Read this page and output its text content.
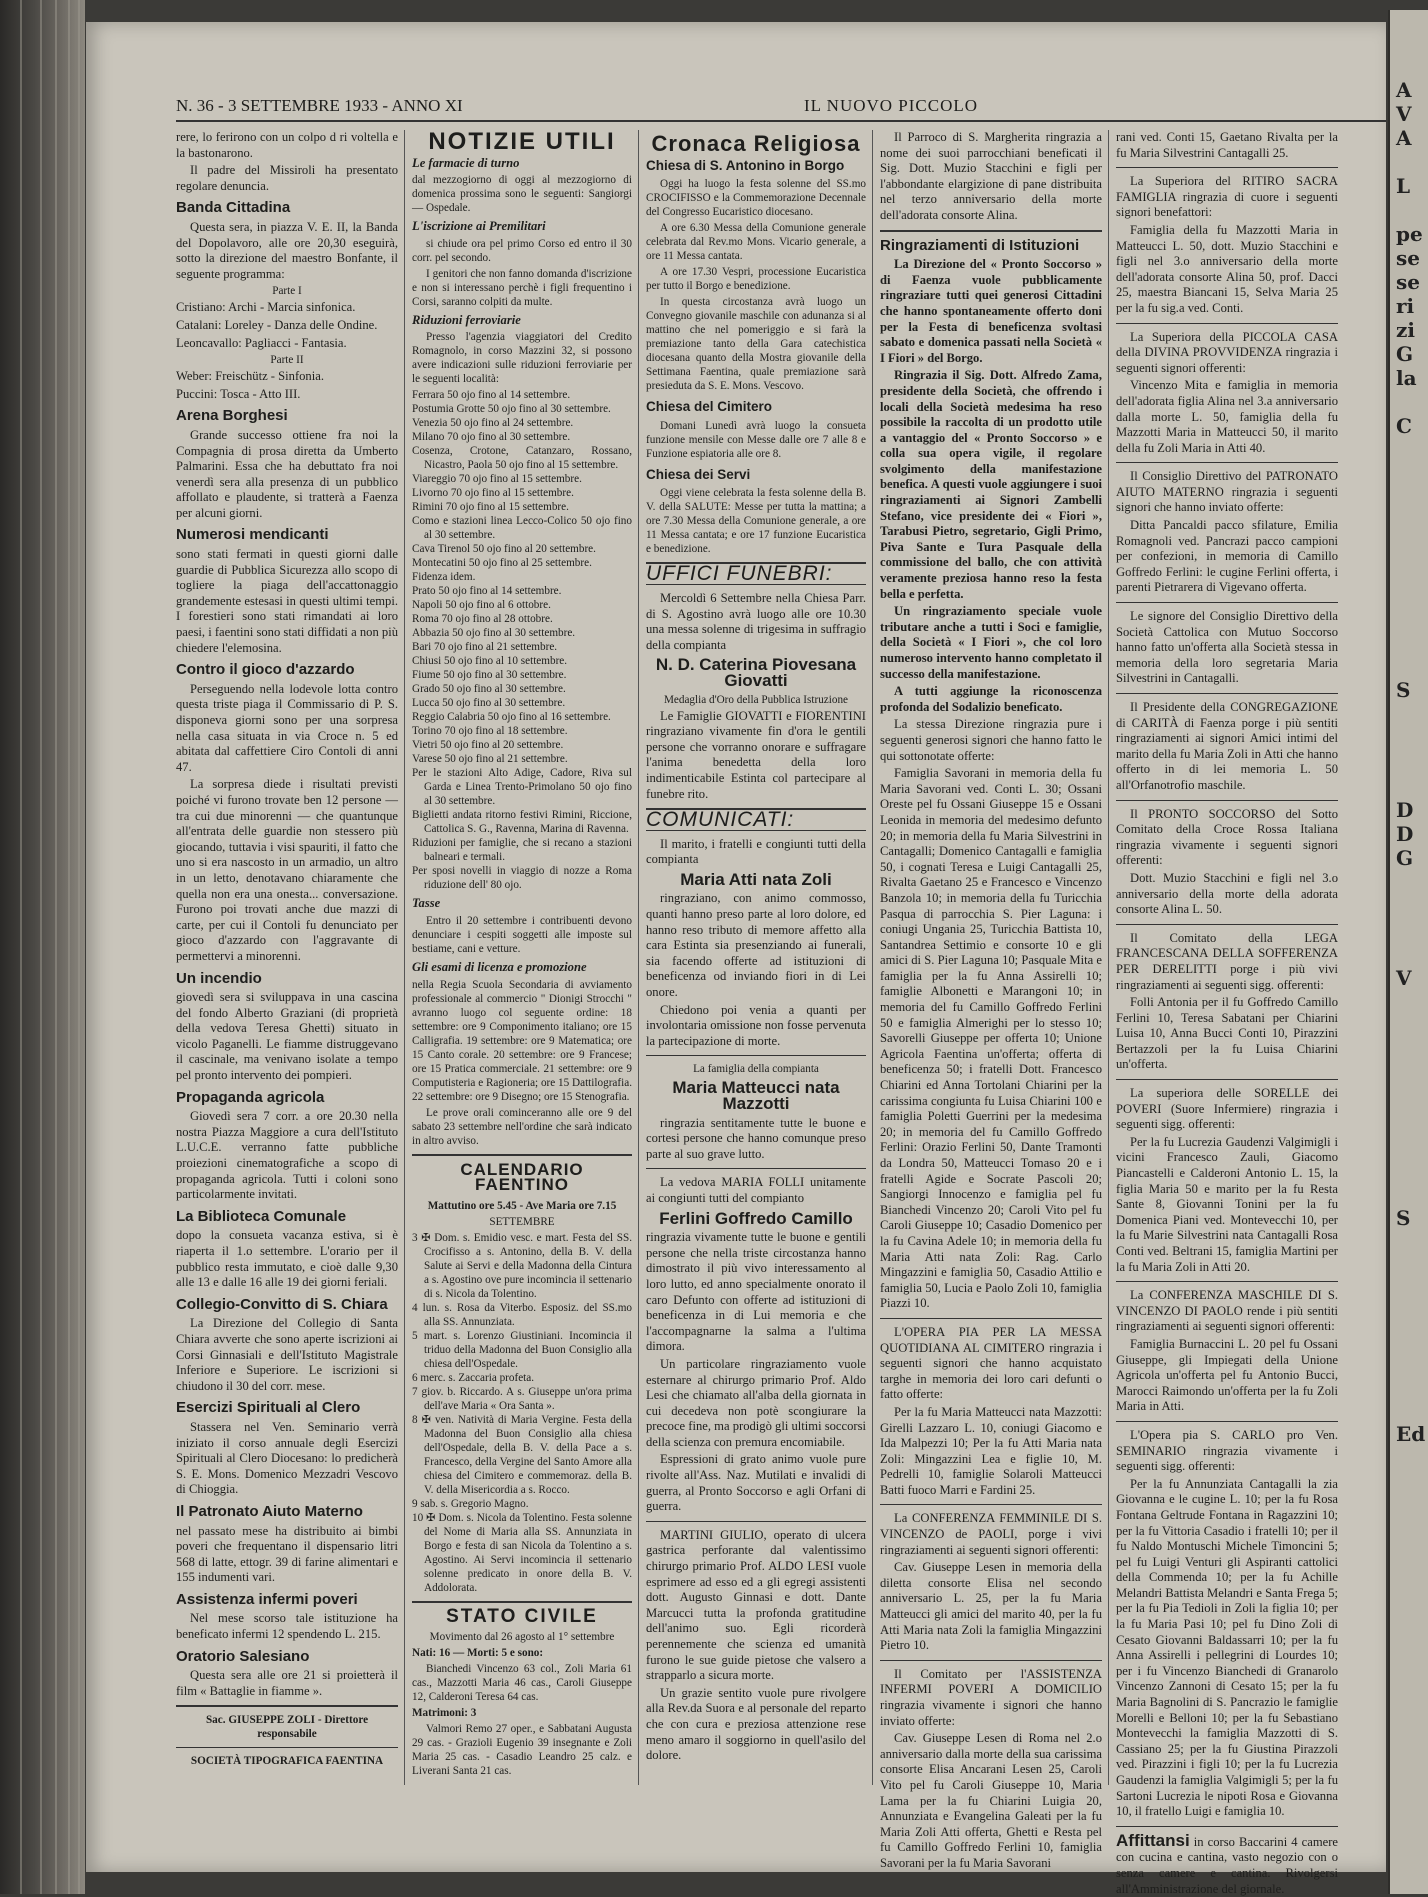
N. 36 - 3 SETTEMBRE 1933 - ANNO XI	IL NUOVO PICCOLO

rere, lo ferirono con un colpo d ri voltella e la bastonarono.

Il padre del Missiroli ha presentato regolare denuncia.

Banda Cittadina

Questa sera, in piazza V. E. II, la Banda del Dopolavoro, alle ore 20,30 eseguirà, sotto la direzione del maestro Bonfante, il seguente programma:

Parte I

Cristiano: Archi - Marcia sinfonica.

Catalani: Loreley - Danza delle Ondine.

Leoncavallo: Pagliacci - Fantasia.

Parte II

Weber: Freischütz - Sinfonia.

Puccini: Tosca - Atto III.

Arena Borghesi

Grande successo ottiene fra noi la Compagnia di prosa diretta da Umberto Palmarini. Essa che ha debuttato fra noi venerdì sera alla presenza di un pubblico affollato e plaudente, si tratterà a Faenza per alcuni giorni.

Numerosi mendicanti

sono stati fermati in questi giorni dalle guardie di Pubblica Sicurezza allo scopo di togliere la piaga dell'accattonaggio grandemente estesasi in questi ultimi tempi. I forestieri sono stati rimandati ai loro paesi, i faentini sono stati diffidati a non più chiedere l'elemosina.

Contro il gioco d'azzardo

Perseguendo nella lodevole lotta contro questa triste piaga il Commissario di P. S. disponeva giorni sono per una sorpresa nella casa situata in via Croce n. 5 ed abitata dal caffettiere Ciro Contoli di anni 47.

La sorpresa diede i risultati previsti poiché vi furono trovate ben 12 persone — tra cui due minorenni — che quantunque all'entrata delle guardie non stessero più giocando, tuttavia i visi spauriti, il fatto che uno si era nascosto in un armadio, un altro in un letto, denotavano chiaramente che quella non era una onesta... conversazione. Furono poi trovati anche due mazzi di carte, per cui il Contoli fu denunciato per gioco d'azzardo con l'aggravante di permettervi a minorenni.

Un incendio

giovedì sera si sviluppava in una cascina del fondo Alberto Graziani (di proprietà della vedova Teresa Ghetti) situato in vicolo Paganelli. Le fiamme distruggevano il cascinale, ma venivano isolate a tempo pel pronto intervento dei pompieri.

Propaganda agricola

Giovedì sera 7 corr. a ore 20.30 nella nostra Piazza Maggiore a cura dell'Istituto L.U.C.E. verranno fatte pubbliche proiezioni cinematografiche a scopo di propaganda agricola. Tutti i coloni sono particolarmente invitati.

La Biblioteca Comunale

dopo la consueta vacanza estiva, si è riaperta il 1.o settembre. L'orario per il pubblico resta immutato, e cioè dalle 9,30 alle 13 e dalle 16 alle 19 dei giorni feriali.

Collegio-Convitto di S. Chiara

La Direzione del Collegio di Santa Chiara avverte che sono aperte iscrizioni ai Corsi Ginnasiali e dell'Istituto Magistrale Inferiore e Superiore. Le iscrizioni si chiudono il 30 del corr. mese.

Esercizi Spirituali al Clero

Stassera nel Ven. Seminario verrà iniziato il corso annuale degli Esercizi Spirituali al Clero Diocesano: lo predicherà S. E. Mons. Domenico Mezzadri Vescovo di Chioggia.

Il Patronato Aiuto Materno

nel passato mese ha distribuito ai bimbi poveri che frequentano il dispensario litri 568 di latte, ettogr. 39 di farine alimentari e 155 indumenti vari.

Assistenza infermi poveri

Nel mese scorso tale istituzione ha beneficato infermi 12 spendendo L. 215.

Oratorio Salesiano

Questa sera alle ore 21 si proietterà il film « Battaglie in fiamme ».

Sac. GIUSEPPE ZOLI - Direttore responsabile

SOCIETÀ TIPOGRAFICA FAENTINA

NOTIZIE UTILI
Le farmacie di turno

dal mezzogiorno di oggi al mezzogiorno di domenica prossima sono le seguenti: Sangiorgi — Ospedale.

L'iscrizione ai Premilitari

si chiude ora pel primo Corso ed entro il 30 corr. pel secondo.

I genitori che non fanno domanda d'iscrizione e non si interessano perchè i figli frequentino i Corsi, saranno colpiti da multe.

Riduzioni ferroviarie

Presso l'agenzia viaggiatori del Credito Romagnolo, in corso Mazzini 32, si possono avere indicazioni sulle riduzioni ferroviarie per le seguenti località:

Ferrara 50 ojo fino al 14 settembre.

Postumia Grotte 50 ojo fino al 30 settembre.

Venezia 50 ojo fino al 24 settembre.

Milano 70 ojo fino al 30 settembre.

Cosenza, Crotone, Catanzaro, Rossano, Nicastro, Paola 50 ojo fino al 15 settembre.

Viareggio 70 ojo fino al 15 settembre.

Livorno 70 ojo fino al 15 settembre.

Rimini 70 ojo fino al 15 settembre.

Como e stazioni linea Lecco-Colico 50 ojo fino al 30 settembre.

Cava Tirenol 50 ojo fino al 20 settembre.

Montecatini 50 ojo fino al 25 settembre.

Fidenza idem.

Prato 50 ojo fino al 14 settembre.

Napoli 50 ojo fino al 6 ottobre.

Roma 70 ojo fino al 28 ottobre.

Abbazia 50 ojo fino al 30 settembre.

Bari 70 ojo fino al 21 settembre.

Chiusi 50 ojo fino al 10 settembre.

Fiume 50 ojo fino al 30 settembre.

Grado 50 ojo fino al 30 settembre.

Lucca 50 ojo fino al 30 settembre.

Reggio Calabria 50 ojo fino al 16 settembre.

Torino 70 ojo fino al 18 settembre.

Vietri 50 ojo fino al 20 settembre.

Varese 50 ojo fino al 21 settembre.

Per le stazioni Alto Adige, Cadore, Riva sul Garda e Linea Trento-Primolano 50 ojo fino al 30 settembre.

Biglietti andata ritorno festivi Rimini, Riccione, Cattolica S. G., Ravenna, Marina di Ravenna.

Riduzioni per famiglie, che si recano a stazioni balneari e termali.

Per sposi novelli in viaggio di nozze a Roma riduzione dell' 80 ojo.

Tasse

Entro il 20 settembre i contribuenti devono denunciare i cespiti soggetti alle imposte sul bestiame, cani e vetture.

Gli esami di licenza e promozione

nella Regia Scuola Secondaria di avviamento professionale al commercio " Dionigi Strocchi " avranno luogo col seguente ordine: 18 settembre: ore 9 Componimento italiano; ore 15 Calligrafia. 19 settembre: ore 9 Matematica; ore 15 Canto corale. 20 settembre: ore 9 Francese; ore 15 Pratica commerciale. 21 settembre: ore 9 Computisteria e Ragioneria; ore 15 Dattilografia. 22 settembre: ore 9 Disegno; ore 15 Stenografia.

Le prove orali cominceranno alle ore 9 del sabato 23 settembre nell'ordine che sarà indicato in altro avviso.

CALENDARIO FAENTINO

Mattutino ore 5.45 - Ave Maria ore 7.15

SETTEMBRE

3 ✠ Dom. s. Emidio vesc. e mart. Festa del SS. Crocifisso a s. Antonino, della B. V. della Salute ai Servi e della Madonna della Cintura a s. Agostino ove pure incomincia il settenario di s. Nicola da Tolentino.

4 lun. s. Rosa da Viterbo. Esposiz. del SS.mo alla SS. Annunziata.

5 mart. s. Lorenzo Giustiniani. Incomincia il triduo della Madonna del Buon Consiglio alla chiesa dell'Ospedale.

6 merc. s. Zaccaria profeta.

7 giov. b. Riccardo. A s. Giuseppe un'ora prima dell'ave Maria « Ora Santa ».

8 ✠ ven. Natività di Maria Vergine. Festa della Madonna del Buon Consiglio alla chiesa dell'Ospedale, della B. V. della Pace a s. Francesco, della Vergine del Santo Amore alla chiesa del Cimitero e commemoraz. della B. V. della Misericordia a s. Rocco.

9 sab. s. Gregorio Magno.

10 ✠ Dom. s. Nicola da Tolentino. Festa solenne del Nome di Maria alla SS. Annunziata in Borgo e festa di san Nicola da Tolentino a s. Agostino. Ai Servi incomincia il settenario solenne predicato in onore della B. V. Addolorata.

STATO CIVILE

Movimento dal 26 agosto al 1° settembre

Nati: 16 — Morti: 5 e sono:

Bianchedi Vincenzo 63 col., Zoli Maria 61 cas., Mazzotti Maria 46 cas., Caroli Giuseppe 12, Calderoni Teresa 64 cas.

Matrimoni: 3

Valmori Remo 27 oper., e Sabbatani Augusta 29 cas. - Grazioli Eugenio 39 insegnante e Zoli Maria 25 cas. - Casadio Leandro 25 calz. e Liverani Santa 21 cas.

Cronaca Religiosa
Chiesa di S. Antonino in Borgo

Oggi ha luogo la festa solenne del SS.mo CROCIFISSO e la Commemorazione Decennale del Congresso Eucaristico diocesano.

A ore 6.30 Messa della Comunione generale celebrata dal Rev.mo Mons. Vicario generale, a ore 11 Messa cantata.

A ore 17.30 Vespri, processione Eucaristica per tutto il Borgo e benedizione.

In questa circostanza avrà luogo un Convegno giovanile maschile con adunanza si al mattino che nel pomeriggio e si farà la premiazione tanto della Gara catechistica diocesana quanto della Mostra giovanile della Settimana Faentina, quale premiazione sarà presieduta da S. E. Mons. Vescovo.

Chiesa del Cimitero

Domani Lunedì avrà luogo la consueta funzione mensile con Messe dalle ore 7 alle 8 e Funzione espiatoria alle ore 8.

Chiesa dei Servi

Oggi viene celebrata la festa solenne della B. V. della SALUTE: Messe per tutta la mattina; a ore 7.30 Messa della Comunione generale, a ore 11 Messa cantata; e ore 17 funzione Eucaristica e benedizione.

UFFICI FUNEBRI:

Mercoldì 6 Settembre nella Chiesa Parr. di S. Agostino avrà luogo alle ore 10.30 una messa solenne di trigesima in suffragio della compianta

N. D. Caterina Piovesana Giovatti

Medaglia d'Oro della Pubblica Istruzione

Le Famiglie GIOVATTI e FIORENTINI ringraziano vivamente fin d'ora le gentili persone che vorranno onorare e suffragare l'anima benedetta della loro indimenticabile Estinta col partecipare al funebre rito.

COMUNICATI:

Il marito, i fratelli e congiunti tutti della compianta

Maria Atti nata Zoli

ringraziano, con animo commosso, quanti hanno preso parte al loro dolore, ed hanno reso tributo di memore affetto alla cara Estinta sia presenziando ai funerali, sia facendo offerte ad istituzioni di beneficenza od inviando fiori in di Lei onore.

Chiedono poi venia a quanti per involontaria omissione non fosse pervenuta la partecipazione di morte.

La famiglia della compianta

Maria Matteucci nata Mazzotti

ringrazia sentitamente tutte le buone e cortesi persone che hanno comunque preso parte al suo grave lutto.

La vedova MARIA FOLLI unitamente ai congiunti tutti del compianto

Ferlini Goffredo Camillo

ringrazia vivamente tutte le buone e gentili persone che nella triste circostanza hanno dimostrato il più vivo interessamento al loro lutto, ed anno specialmente onorato il caro Defunto con offerte ad istituzioni di beneficenza in di Lui memoria e che l'accompagnarne la salma a l'ultima dimora.

Un particolare ringraziamento vuole esternare al chirurgo primario Prof. Aldo Lesi che chiamato all'alba della giornata in cui decedeva non potè scongiurare la precoce fine, ma prodigò gli ultimi soccorsi della scienza con premura encomiabile.

Espressioni di grato animo vuole pure rivolte all'Ass. Naz. Mutilati e invalidi di guerra, al Pronto Soccorso e agli Orfani di guerra.

MARTINI GIULIO, operato di ulcera gastrica perforante dal valentissimo chirurgo primario Prof. ALDO LESI vuole esprimere ad esso ed a gli egregi assistenti dott. Augusto Ginnasi e dott. Dante Marcucci tutta la profonda gratitudine dell'animo suo. Egli ricorderà perennemente che scienza ed umanità furono le sue guide pietose che valsero a strapparlo a sicura morte.

Un grazie sentito vuole pure rivolgere alla Rev.da Suora e al personale del reparto che con cura e preziosa attenzione rese meno amaro il soggiorno in quell'asilo del dolore.

Il Parroco di S. Margherita ringrazia a nome dei suoi parrocchiani beneficati il Sig. Dott. Muzio Stacchini e figli per l'abbondante elargizione di pane distribuita nel terzo anniversario della morte dell'adorata consorte Alina.

Ringraziamenti di Istituzioni

La Direzione del « Pronto Soccorso » di Faenza vuole pubblicamente ringraziare tutti quei generosi Cittadini che hanno spontaneamente offerto doni per la Festa di beneficenza svoltasi sabato e domenica passati nella Società « I Fiori » del Borgo.

Ringrazia il Sig. Dott. Alfredo Zama, presidente della Società, che offrendo i locali della Società medesima ha reso possibile la raccolta di un prodotto utile a vantaggio del « Pronto Soccorso » e colla sua opera vigile, il regolare svolgimento della manifestazione benefica. A questi vuole aggiungere i suoi ringraziamenti ai Signori Zambelli Stefano, vice presidente dei « Fiori », Tarabusi Pietro, segretario, Gigli Primo, Piva Sante e Tura Pasquale della commissione del ballo, che con attività veramente preziosa hanno reso la festa bella e perfetta.

Un ringraziamento speciale vuole tributare anche a tutti i Soci e famiglie, della Società « I Fiori », che col loro numeroso intervento hanno completato il successo della manifestazione.

A tutti aggiunge la riconoscenza profonda del Sodalizio beneficato.

La stessa Direzione ringrazia pure i seguenti generosi signori che hanno fatto le qui sottonotate offerte:

Famiglia Savorani in memoria della fu Maria Savorani ved. Conti L. 30; Ossani Oreste pel fu Ossani Giuseppe 15 e Ossani Leonida in memoria del medesimo defunto 20; in memoria della fu Maria Silvestrini in Cantagalli; Domenico Cantagalli e famiglia 50, i cognati Teresa e Luigi Cantagalli 25, Rivalta Gaetano 25 e Francesco e Vincenzo Banzola 10; in memoria della fu Turicchia Pasqua di parrocchia S. Pier Laguna: i coniugi Ungania 25, Turicchia Battista 10, Santandrea Settimio e consorte 10 e gli amici di S. Pier Laguna 10; Pasquale Mita e famiglia per la fu Anna Assirelli 10; famiglie Albonetti e Marangoni 10; in memoria del fu Camillo Goffredo Ferlini 50 e famiglia Almerighi per lo stesso 10; Savorelli Giuseppe per offerta 10; Unione Agricola Faentina un'offerta; offerta di beneficenza 50; i fratelli Dott. Francesco Chiarini ed Anna Tortolani Chiarini per la carissima congiunta fu Luisa Chiarini 100 e famiglia Poletti Guerrini per la medesima 20; in memoria del fu Camillo Goffredo Ferlini: Orazio Ferlini 50, Dante Tramonti da Londra 50, Matteucci Tomaso 20 e i fratelli Agide e Socrate Pascoli 20; Sangiorgi Innocenzo e famiglia pel fu Bianchedi Vincenzo 20; Caroli Vito pel fu Caroli Giuseppe 10; Casadio Domenico per la fu Cavina Adele 10; in memoria della fu Maria Atti nata Zoli: Rag. Carlo Mingazzini e famiglia 50, Casadio Attilio e famiglia 50, Lucia e Paolo Zoli 10, famiglia Piazzi 10.

L'OPERA PIA PER LA MESSA QUOTIDIANA AL CIMITERO ringrazia i seguenti signori che hanno acquistato targhe in memoria dei loro cari defunti o fatto offerte:

Per la fu Maria Matteucci nata Mazzotti: Girelli Lazzaro L. 10, coniugi Giacomo e Ida Malpezzi 10; Per la fu Atti Maria nata Zoli: Mingazzini Lea e figlie 10, M. Pedrelli 10, famiglie Solaroli Matteucci Batti fuoco Marri e Fardini 25.

La CONFERENZA FEMMINILE DI S. VINCENZO de PAOLI, porge i vivi ringraziamenti ai seguenti signori offerenti:

Cav. Giuseppe Lesen in memoria della diletta consorte Elisa nel secondo anniversario L. 25, per la fu Maria Matteucci gli amici del marito 40, per la fu Atti Maria nata Zoli la famiglia Mingazzini Pietro 10.

Il Comitato per l'ASSISTENZA INFERMI POVERI A DOMICILIO ringrazia vivamente i signori che hanno inviato offerte:

Cav. Giuseppe Lesen di Roma nel 2.o anniversario dalla morte della sua carissima consorte Elisa Ancarani Lesen 25, Caroli Vito pel fu Caroli Giuseppe 10, Maria Lama per la fu Chiarini Luigia 20, Annunziata e Evangelina Galeati per la fu Maria Zoli Atti offerta, Ghetti e Resta pel fu Camillo Goffredo Ferlini 10, famiglia Savorani per la fu Maria Savorani

rani ved. Conti 15, Gaetano Rivalta per la fu Maria Silvestrini Cantagalli 25.

La Superiora del RITIRO SACRA FAMIGLIA ringrazia di cuore i seguenti signori benefattori:

Famiglia della fu Mazzotti Maria in Matteucci L. 50, dott. Muzio Stacchini e figli nel 3.o anniversario della morte dell'adorata consorte Alina 50, prof. Dacci 25, maestra Biancani 15, Selva Maria 25 per la fu sig.a ved. Conti.

La Superiora della PICCOLA CASA della DIVINA PROVVIDENZA ringrazia i seguenti signori offerenti:

Vincenzo Mita e famiglia in memoria dell'adorata figlia Alina nel 3.a anniversario dalla morte L. 50, famiglia della fu Mazzotti Maria in Matteucci 50, il marito della fu Zoli Maria in Atti 40.

Il Consiglio Direttivo del PATRONATO AIUTO MATERNO ringrazia i seguenti signori che hanno inviato offerte:

Ditta Pancaldi pacco sfilature, Emilia Romagnoli ved. Pancrazi pacco campioni per confezioni, in memoria di Camillo Goffredo Ferlini: le cugine Ferlini offerta, i parenti Pietrarera di Vigevano offerta.

Le signore del Consiglio Direttivo della Società Cattolica con Mutuo Soccorso hanno fatto un'offerta alla Società stessa in memoria della loro segretaria Maria Silvestrini in Cantagalli.

Il Presidente della CONGREGAZIONE di CARITÀ di Faenza porge i più sentiti ringraziamenti ai signori Amici intimi del marito della fu Maria Zoli in Atti che hanno offerto in di lei memoria L. 50 all'Orfanotrofio maschile.

Il PRONTO SOCCORSO del Sotto Comitato della Croce Rossa Italiana ringrazia vivamente i seguenti signori offerenti:

Dott. Muzio Stacchini e figli nel 3.o anniversario della morte della adorata consorte Alina L. 50.

Il Comitato della LEGA FRANCESCANA DELLA SOFFERENZA PER DERELITTI porge i più vivi ringraziamenti ai seguenti sigg. offerenti:

Folli Antonia per il fu Goffredo Camillo Ferlini 10, Teresa Sabatani per Chiarini Luisa 10, Anna Bucci Conti 10, Pirazzini Bertazzoli per la fu Luisa Chiarini un'offerta.

La superiora delle SORELLE dei POVERI (Suore Infermiere) ringrazia i seguenti sigg. offerenti:

Per la fu Lucrezia Gaudenzi Valgimigli i vicini Francesco Zauli, Giacomo Piancastelli e Calderoni Antonio L. 15, la figlia Maria 50 e marito per la fu Resta Sante 8, Giovanni Tonini per la fu Domenica Piani ved. Montevecchi 10, per la fu Marie Silvestrini nata Cantagalli Rosa Conti ved. Beltrani 15, famiglia Martini per la fu Maria Zoli in Atti 20.

La CONFERENZA MASCHILE DI S. VINCENZO DI PAOLO rende i più sentiti ringraziamenti ai seguenti signori offerenti:

Famiglia Burnaccini L. 20 pel fu Ossani Giuseppe, gli Impiegati della Unione Agricola un'offerta pel fu Antonio Bucci, Marocci Raimondo un'offerta per la fu Zoli Maria in Atti.

L'Opera pia S. CARLO pro Ven. SEMINARIO ringrazia vivamente i seguenti sigg. offerenti:

Per la fu Annunziata Cantagalli la zia Giovanna e le cugine L. 10; per la fu Rosa Fontana Geltrude Fontana in Ragazzini 10; per la fu Vittoria Casadio i fratelli 10; per il fu Naldo Montuschi Michele Timoncini 5; pel fu Luigi Venturi gli Aspiranti cattolici della Commenda 10; per la fu Achille Melandri Battista Melandri e Santa Frega 5; per la fu Pia Tedioli in Zoli la figlia 10; per la fu Maria Pasi 10; pel fu Dino Zoli di Cesato Giovanni Baldassarri 10; per la fu Anna Assirelli i pellegrini di Lourdes 10; per i fu Vincenzo Bianchedi di Granarolo Vincenzo Zannoni di Cesato 15; per la fu Maria Bagnolini di S. Pancrazio le famiglie Morelli e Belloni 10; per la fu Sebastiano Montevecchi la famiglia Mazzotti di S. Cassiano 25; per la fu Giustina Pirazzoli ved. Pirazzini i figli 10; per la fu Lucrezia Gaudenzi la famiglia Valgimigli 5; per la fu Sartoni Lucrezia le nipoti Rosa e Giovanna 10, il fratello Luigi e famiglia 10.

Affittansi in corso Baccarini 4 camere con cucina e cantina, vasto negozio con o senza camere e cantina. Rivolgersi all'Amministrazione del giornale.

A
V
A

L

pe
se
se
ri
zi
G
la

C

S

D
D
G

V

S

Ed
